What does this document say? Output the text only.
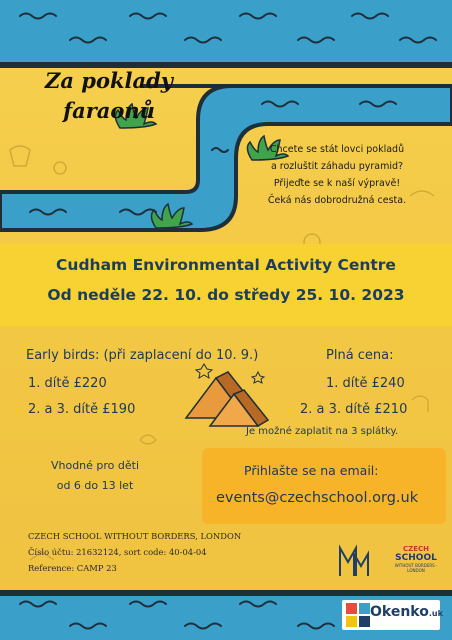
Za poklady
faraonů
Chcete se stát lovci pokladů
a rozluštit záhadu pyramid?
Přijeďte se k naší výpravě!
Čeká nás dobrodružná cesta.
Cudham Environmental Activity Centre
Od neděle 22. 10. do středy 25. 10. 2023
Early birds: (při zaplacení do 10. 9.)
1. dítě £220
2. a 3. dítě £190
Plná cena:
1. dítě £240
2. a 3. dítě £210
Je možné zaplatit na 3 splátky.
Vhodné pro děti
od 6 do 13 let
Přihlašte se na email:
events@czechschool.org.uk
CZECH SCHOOL WITHOUT BORDERS, LONDON
Číslo účtu: 21632124, sort code: 40-04-04
Reference: CAMP 23
CZECH
SCHOOL
WITHOUT BORDERS · LONDON
Okenko.uk
